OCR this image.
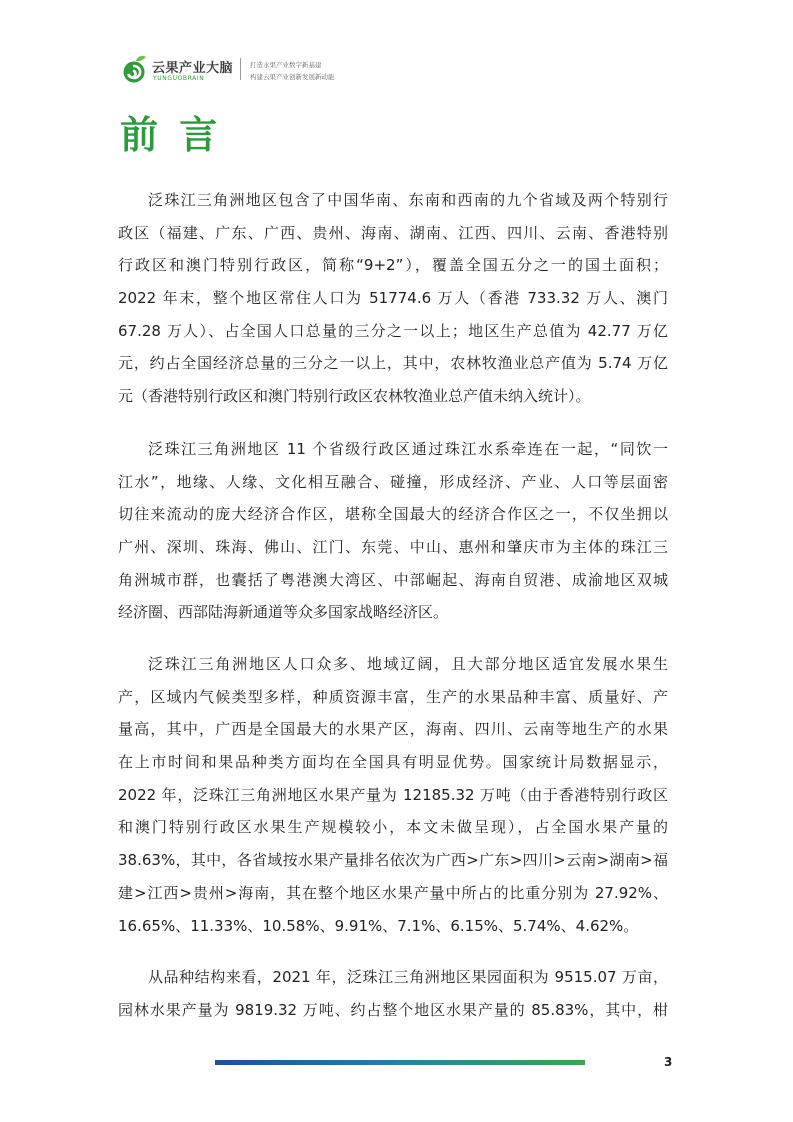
云果产业大脑
YUNGUOBRAIN
打造水果产业数字新基建
构建云果产业创新发展新动能
前 言
泛珠江三角洲地区包含了中国华南、东南和西南的九个省域及两个特别行
政区（福建、广东、广西、贵州、海南、湖南、江西、四川、云南、香港特别
行政区和澳门特别行政区，简称“9+2”），覆盖全国五分之一的国土面积；
2022 年末，整个地区常住人口为 51774.6 万人（香港 733.32 万人、澳门
67.28 万人）、占全国人口总量的三分之一以上；地区生产总值为 42.77 万亿
元，约占全国经济总量的三分之一以上，其中，农林牧渔业总产值为 5.74 万亿
元（香港特别行政区和澳门特别行政区农林牧渔业总产值未纳入统计）。
泛珠江三角洲地区 11 个省级行政区通过珠江水系牵连在一起，“同饮一
江水”，地缘、人缘、文化相互融合、碰撞，形成经济、产业、人口等层面密
切往来流动的庞大经济合作区，堪称全国最大的经济合作区之一，不仅坐拥以
广州、深圳、珠海、佛山、江门、东莞、中山、惠州和肇庆市为主体的珠江三
角洲城市群，也囊括了粤港澳大湾区、中部崛起、海南自贸港、成渝地区双城
经济圈、西部陆海新通道等众多国家战略经济区。
泛珠江三角洲地区人口众多、地域辽阔，且大部分地区适宜发展水果生
产，区域内气候类型多样，种质资源丰富，生产的水果品种丰富、质量好、产
量高，其中，广西是全国最大的水果产区，海南、四川、云南等地生产的水果
在上市时间和果品种类方面均在全国具有明显优势。国家统计局数据显示，
2022 年，泛珠江三角洲地区水果产量为 12185.32 万吨（由于香港特别行政区
和澳门特别行政区水果生产规模较小，本文未做呈现），占全国水果产量的
38.63%，其中，各省域按水果产量排名依次为广西>广东>四川>云南>湖南>福
建>江西>贵州>海南，其在整个地区水果产量中所占的比重分别为 27.92%、
16.65%、11.33%、10.58%、9.91%、7.1%、6.15%、5.74%、4.62%。
从品种结构来看，2021 年，泛珠江三角洲地区果园面积为 9515.07 万亩，
园林水果产量为 9819.32 万吨、约占整个地区水果产量的 85.83%，其中，柑
3
